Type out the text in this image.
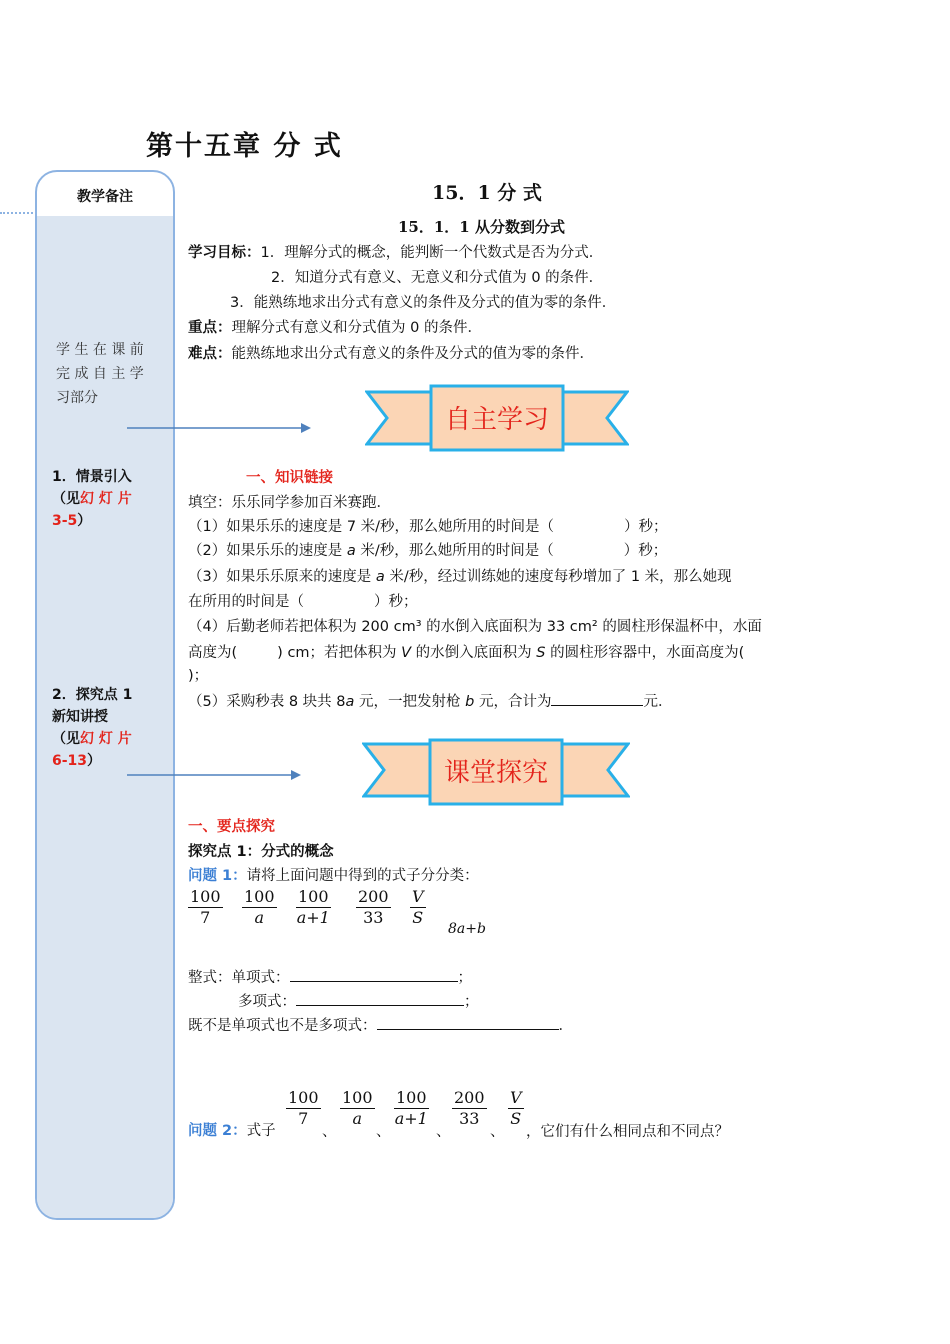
第十五章 分 式
教学备注
学 生 在 课 前
完 成 自 主 学
习部分
1．情景引入
（见幻 灯 片
3-5）
2．探究点 1
新知讲授
（见幻 灯 片
6-13）
15．1 分 式
15．1．1 从分数到分式
学习目标：1．理解分式的概念，能判断一个代数式是否为分式．
2．知道分式有意义、无意义和分式值为 0 的条件．
3．能熟练地求出分式有意义的条件及分式的值为零的条件．
重点：理解分式有意义和分式值为 0 的条件．
难点：能熟练地求出分式有意义的条件及分式的值为零的条件．
自主学习
一、知识链接
填空：乐乐同学参加百米赛跑．
（1）如果乐乐的速度是 7 米/秒，那么她所用的时间是（	）秒；
（2）如果乐乐的速度是 a 米/秒，那么她所用的时间是（	）秒；
（3）如果乐乐原来的速度是 a 米/秒，经过训练她的速度每秒增加了 1 米，那么她现
在所用的时间是（	）秒；
（4）后勤老师若把体积为 200 cm³ 的水倒入底面积为 33 cm² 的圆柱形保温杯中，水面
高度为(	) cm；若把体积为 V 的水倒入底面积为 S 的圆柱形容器中，水面高度为(
)；
（5）采购秒表 8 块共 8a 元，一把发射枪 b 元，合计为	元．
课堂探究
一、要点探究
探究点 1：分式的概念
问题 1：请将上面问题中得到的式子分分类：
$\frac{100}{7} \frac{100}{a} \frac{100}{a+1} \frac{200}{33} \frac{V}{S}$
8a+b
整式：单项式：	；
多项式：	；
既不是单项式也不是多项式：	．
问题 2：式子
$\frac{100}{7}$
、
$\frac{100}{a}$
、
$\frac{100}{a+1}$
、
$\frac{200}{33}$
、
$\frac{V}{S}$
，它们有什么相同点和不同点？
